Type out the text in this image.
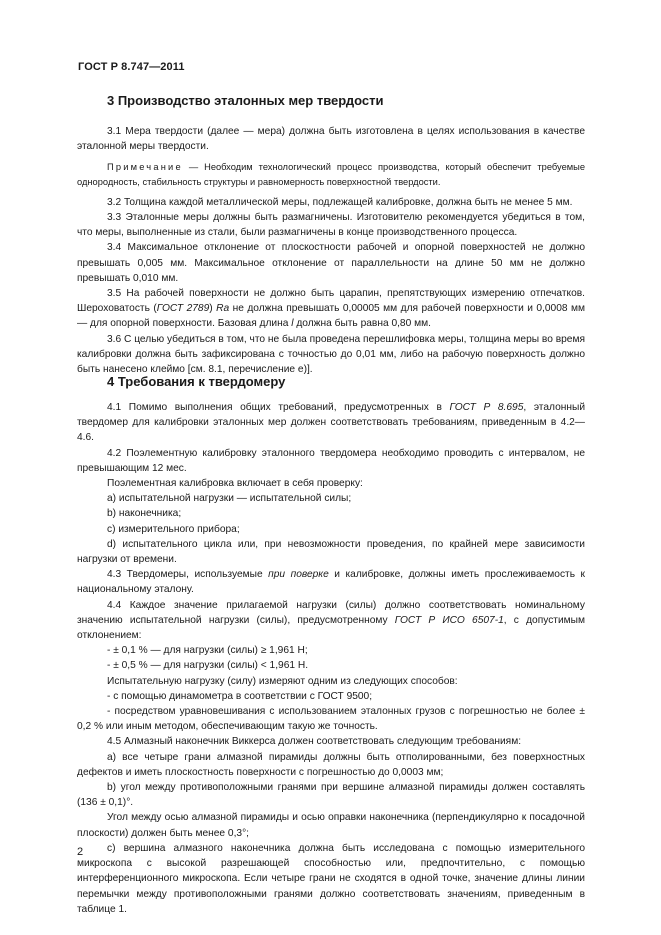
ГОСТ Р 8.747—2011
3 Производство эталонных мер твердости

3.1 Мера твердости (далее — мера) должна быть изготовлена в целях использования в качестве эталонной меры твердости.

Примечание — Необходим технологический процесс производства, который обеспечит требуемые однородность, стабильность структуры и равномерность поверхностной твердости.

3.2 Толщина каждой металлической меры, подлежащей калибровке, должна быть не менее 5 мм.

3.3 Эталонные меры должны быть размагничены. Изготовителю рекомендуется убедиться в том, что меры, выполненные из стали, были размагничены в конце производственного процесса.

3.4 Максимальное отклонение от плоскостности рабочей и опорной поверхностей не должно превышать 0,005 мм. Максимальное отклонение от параллельности на длине 50 мм не должно превышать 0,010 мм.

3.5 На рабочей поверхности не должно быть царапин, препятствующих измерению отпечатков. Шероховатость (ГОСТ 2789) Ra не должна превышать 0,00005 мм для рабочей поверхности и 0,0008 мм — для опорной поверхности. Базовая длина l должна быть равна 0,80 мм.

3.6 С целью убедиться в том, что не была проведена перешлифовка меры, толщина меры во время калибровки должна быть зафиксирована с точностью до 0,01 мм, либо на рабочую поверхность должно быть нанесено клеймо [см. 8.1, перечисление е)].

4 Требования к твердомеру

4.1 Помимо выполнения общих требований, предусмотренных в ГОСТ Р 8.695, эталонный твердомер для калибровки эталонных мер должен соответствовать требованиям, приведенным в 4.2—4.6.

4.2 Поэлементную калибровку эталонного твердомера необходимо проводить с интервалом, не превышающим 12 мес.

Поэлементная калибровка включает в себя проверку:

а) испытательной нагрузки — испытательной силы;

b) наконечника;

с) измерительного прибора;

d) испытательного цикла или, при невозможности проведения, по крайней мере зависимости нагрузки от времени.

4.3 Твердомеры, используемые при поверке и калибровке, должны иметь прослеживаемость к национальному эталону.

4.4 Каждое значение прилагаемой нагрузки (силы) должно соответствовать номинальному значению испытательной нагрузки (силы), предусмотренному ГОСТ Р ИСО 6507-1, с допустимым отклонением:

- ± 0,1 % — для нагрузки (силы) ≥ 1,961 Н;

- ± 0,5 % — для нагрузки (силы) < 1,961 Н.

Испытательную нагрузку (силу) измеряют одним из следующих способов:

- с помощью динамометра в соответствии с ГОСТ 9500;

- посредством уравновешивания с использованием эталонных грузов с погрешностью не более ± 0,2 % или иным методом, обеспечивающим такую же точность.

4.5 Алмазный наконечник Виккерса должен соответствовать следующим требованиям:

а) все четыре грани алмазной пирамиды должны быть отполированными, без поверхностных дефектов и иметь плоскостность поверхности с погрешностью до 0,0003 мм;

b) угол между противоположными гранями при вершине алмазной пирамиды должен составлять (136 ± 0,1)°.

Угол между осью алмазной пирамиды и осью оправки наконечника (перпендикулярно к посадочной плоскости) должен быть менее 0,3°;

с) вершина алмазного наконечника должна быть исследована с помощью измерительного микроскопа с высокой разрешающей способностью или, предпочтительно, с помощью интерференционного микроскопа. Если четыре грани не сходятся в одной точке, значение длины линии перемычки между противоположными гранями должно соответствовать значениям, приведенным в таблице 1.

2
